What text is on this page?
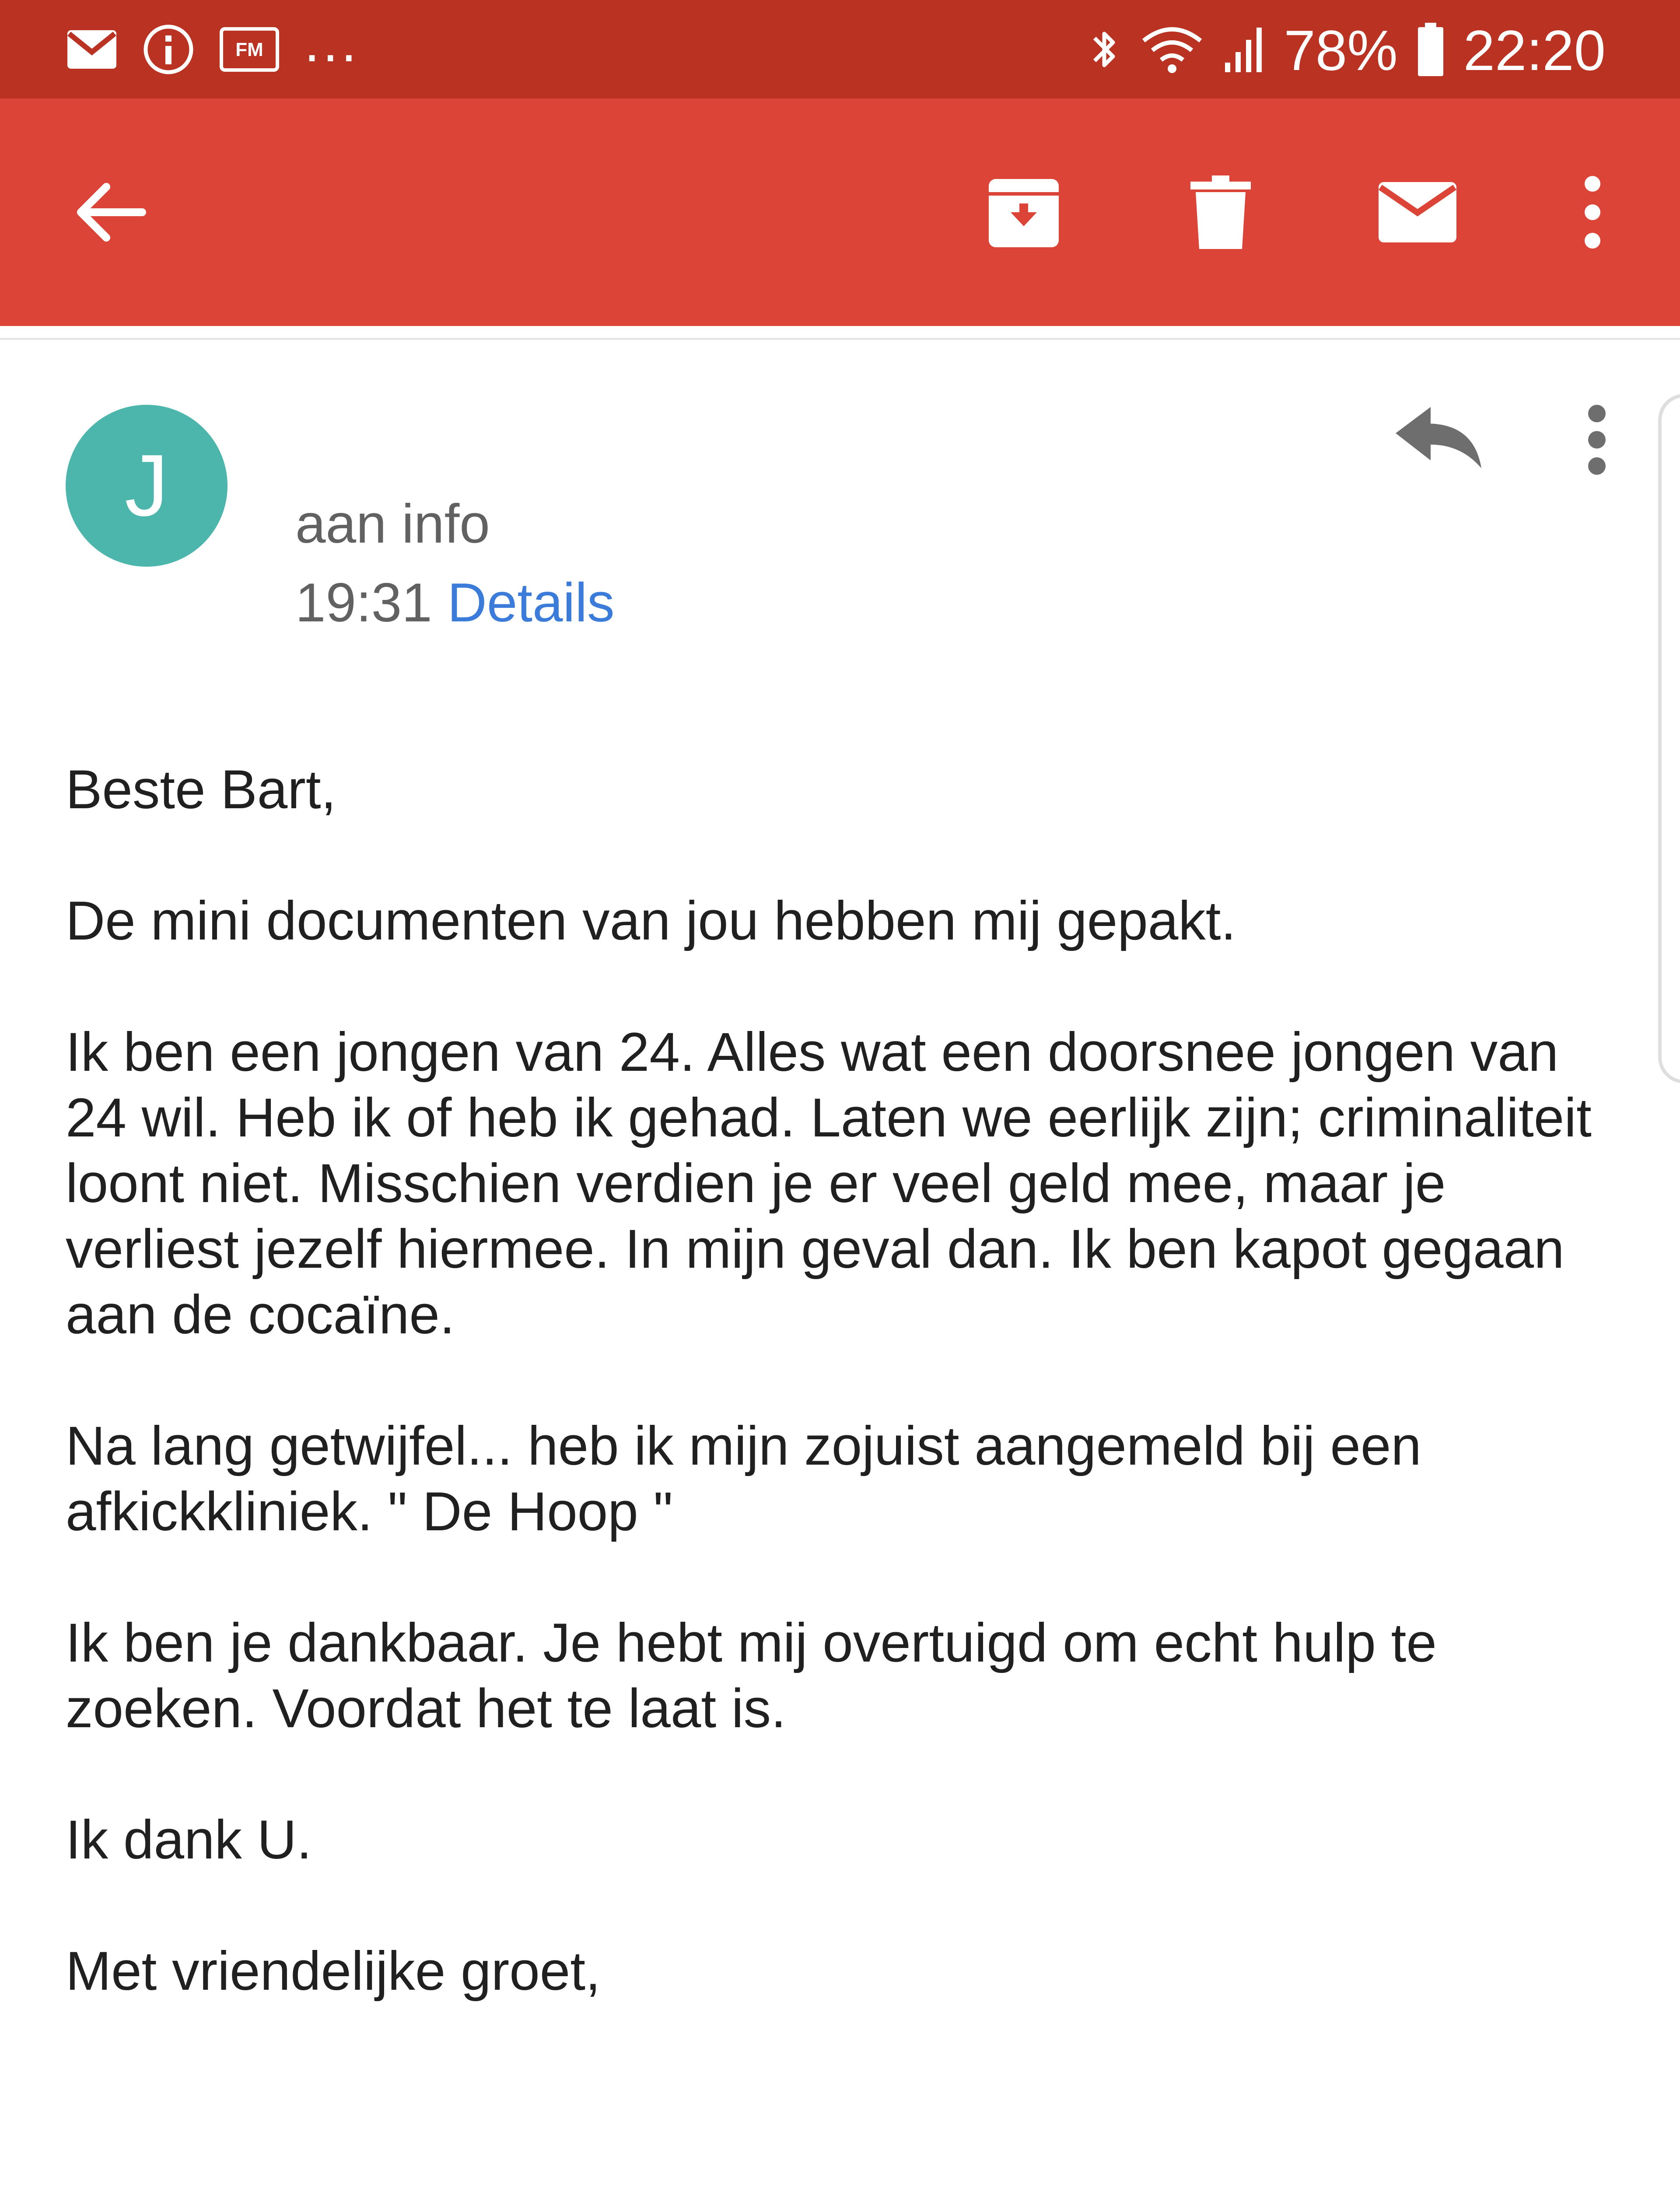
FM ...	78% 22:20
J	aan info
19:31 Details

Beste Bart,

De mini documenten van jou hebben mij gepakt.

Ik ben een jongen van 24. Alles wat een doorsnee jongen van 24 wil. Heb ik of heb ik gehad. Laten we eerlijk zijn; criminaliteit loont niet. Misschien verdien je er veel geld mee, maar je verliest jezelf hiermee. In mijn geval dan. Ik ben kapot gegaan aan de cocaïne.

Na lang getwijfel... heb ik mijn zojuist aangemeld bij een afkickkliniek. " De Hoop "

Ik ben je dankbaar. Je hebt mij overtuigd om echt hulp te zoeken. Voordat het te laat is.

Ik dank U.

Met vriendelijke groet,
